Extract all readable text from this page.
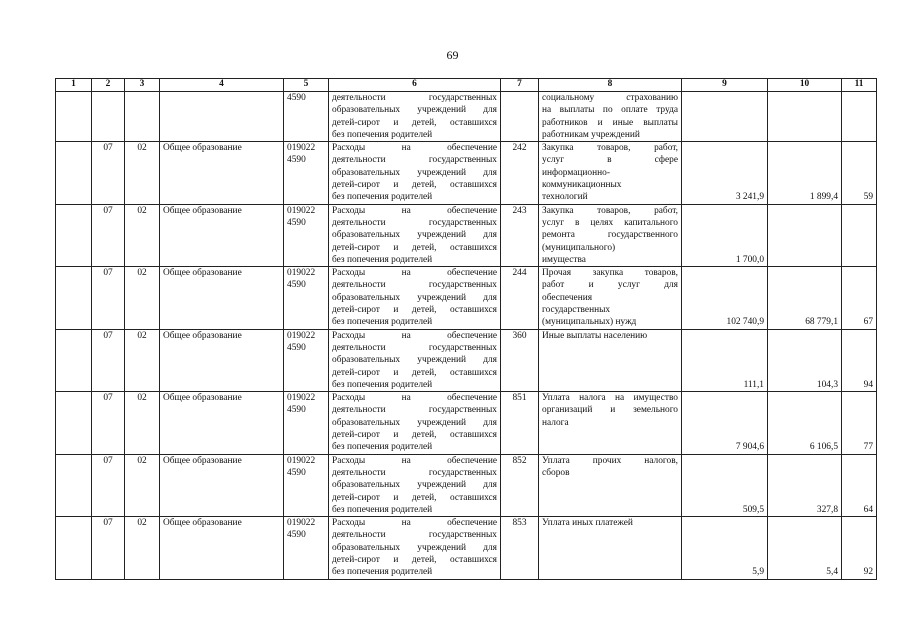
69
1	2	3	4	5	6	7	8	9	10	11

				4590	деятельности государственных
образовательных учреждений для
детей-сирот и детей, оставшихся
без попечения родителей		социальному страхованию
на выплаты по оплате труда
работников и иные выплаты
работникам учреждений			

	07	02	Общее образование	019022
4590	Расходы на обеспечение
деятельности государственных
образовательных учреждений для
детей-сирот и детей, оставшихся
без попечения родителей	242	Закупка товаров, работ,
услуг в сфере
информационно-
коммуникационных
технологий	3 241,9	1 899,4	59
	07	02	Общее образование	019022
4590	Расходы на обеспечение
деятельности государственных
образовательных учреждений для
детей-сирот и детей, оставшихся
без попечения родителей	243	Закупка товаров, работ,
услуг в целях капитального
ремонта государственного
(муниципального)
имущества	1 700,0		
	07	02	Общее образование	019022
4590	Расходы на обеспечение
деятельности государственных
образовательных учреждений для
детей-сирот и детей, оставшихся
без попечения родителей	244	Прочая закупка товаров,
работ и услуг для
обеспечения
государственных
(муниципальных) нужд	102 740,9	68 779,1	67
	07	02	Общее образование	019022
4590	Расходы на обеспечение
деятельности государственных
образовательных учреждений для
детей-сирот и детей, оставшихся
без попечения родителей	360	Иные выплаты населению	111,1	104,3	94
	07	02	Общее образование	019022
4590	Расходы на обеспечение
деятельности государственных
образовательных учреждений для
детей-сирот и детей, оставшихся
без попечения родителей	851	Уплата налога на имущество
организаций и земельного
налога	7 904,6	6 106,5	77
	07	02	Общее образование	019022
4590	Расходы на обеспечение
деятельности государственных
образовательных учреждений для
детей-сирот и детей, оставшихся
без попечения родителей	852	Уплата прочих налогов,
сборов	509,5	327,8	64
	07	02	Общее образование	019022
4590	Расходы на обеспечение
деятельности государственных
образовательных учреждений для
детей-сирот и детей, оставшихся
без попечения родителей	853	Уплата иных платежей	5,9	5,4	92
